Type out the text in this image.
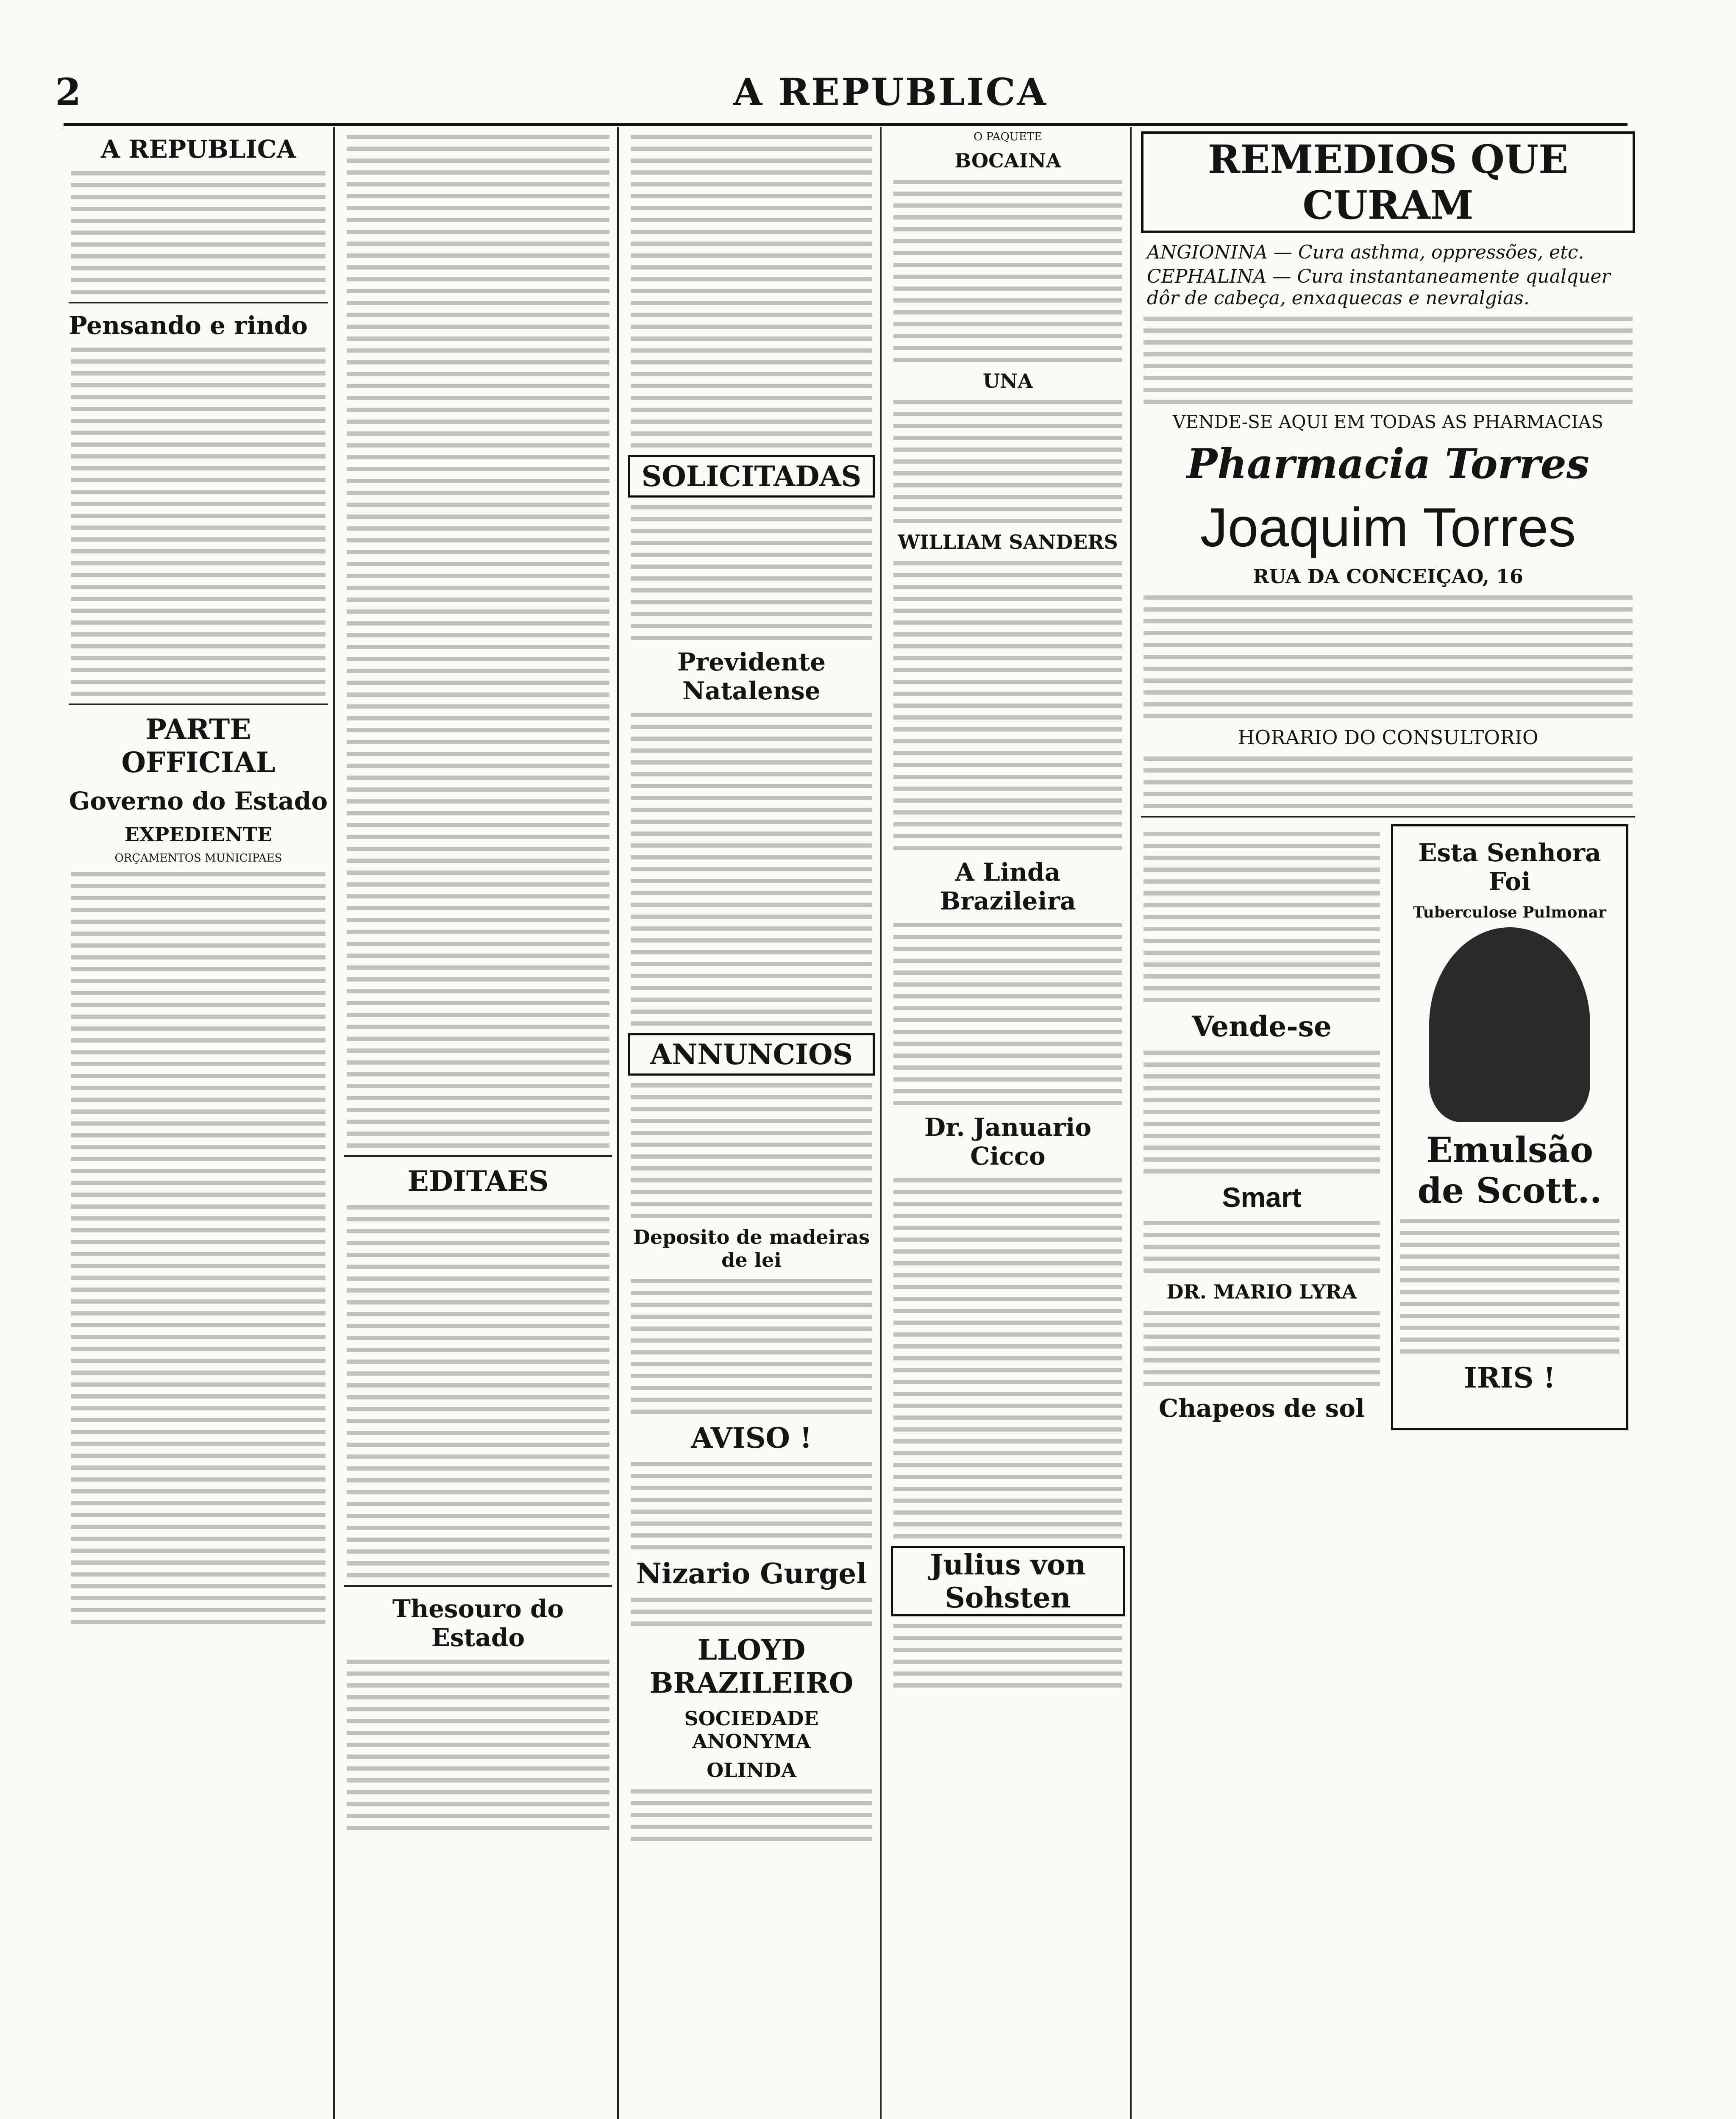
2	A REPUBLICA
A REPUBLICA
Pensando e rindo
PARTE OFFICIAL
Governo do Estado
EXPEDIENTE
ORÇAMENTOS MUNICIPAES
EDITAES
Thesouro do Estado
SOLICITADAS
Previdente Natalense
ANNUNCIOS
Deposito de madeiras de lei
AVISO !
Nizario Gurgel
LLOYD BRAZILEIRO
SOCIEDADE ANONYMA
OLINDA
O PAQUETE
BOCAINA
UNA
WILLIAM SANDERS
A Linda Brazileira
Dr. Januario Cicco
Julius von Sohsten
REMEDIOS QUE CURAM
ANGIONINA — Cura asthma, oppressões, etc.
CEPHALINA — Cura instantaneamente qualquer dôr de cabeça, enxaquecas e nevralgias.
VENDE-SE AQUI EM TODAS AS PHARMACIAS
Pharmacia Torres
Joaquim Torres
RUA DA CONCEIÇAO, 16
HORARIO DO CONSULTORIO
Vende-se
Smart
DR. MARIO LYRA
Chapeos de sol
Esta Senhora Foi
Tuberculose Pulmonar
Emulsão de Scott..
IRIS !
